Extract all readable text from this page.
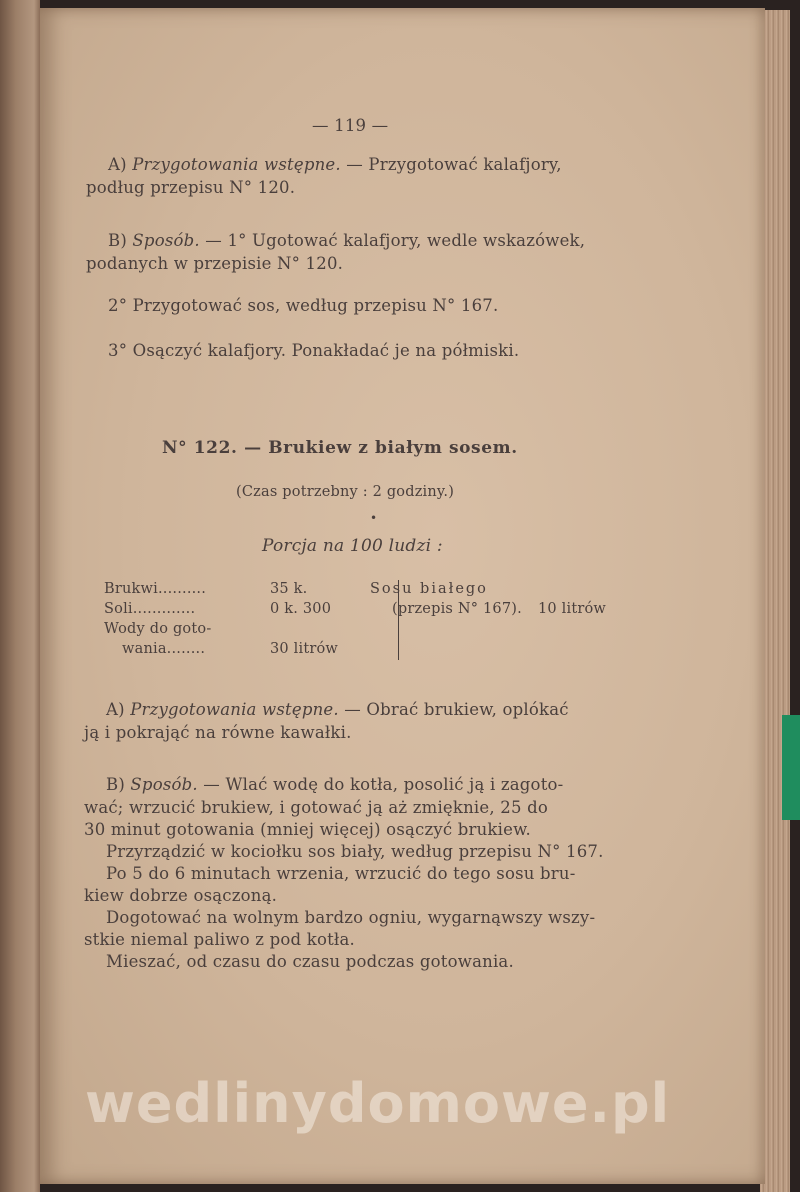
— 119 —
A) Przygotowania wstępne. — Przygotować kalafjory,
podług przepisu N° 120.
B) Sposób. — 1° Ugotować kalafjory, wedle wskazówek,
podanych w przepisie N° 120.
2° Przygotować sos, według przepisu N° 167.
3° Osączyć kalafjory. Ponakładać je na półmiski.
N° 122. — Brukiew z białym sosem.
(Czas potrzebny : 2 godziny.)
•
Porcja na 100 ludzi :
Brukwi..........	35 k.
Soli.............	0 k. 300
Wody do goto-
wania........	30 litrów
Sosu białego
(przepis N° 167). 10 litrów
A) Przygotowania wstępne. — Obrać brukiew, oplókać
ją i pokrająć na równe kawałki.
B) Sposób. — Wlać wodę do kotła, posolić ją i zagoto-
wać; wrzucić brukiew, i gotować ją aż zmięknie, 25 do
30 minut gotowania (mniej więcej) osączyć brukiew.
Przyrządzić w kociołku sos biały, według przepisu N° 167.
Po 5 do 6 minutach wrzenia, wrzucić do tego sosu bru-
kiew dobrze osączoną.
Dogotować na wolnym bardzo ogniu, wygarnąwszy wszy-
stkie niemal paliwo z pod kotła.
Mieszać, od czasu do czasu podczas gotowania.
wedlinydomowe.pl
